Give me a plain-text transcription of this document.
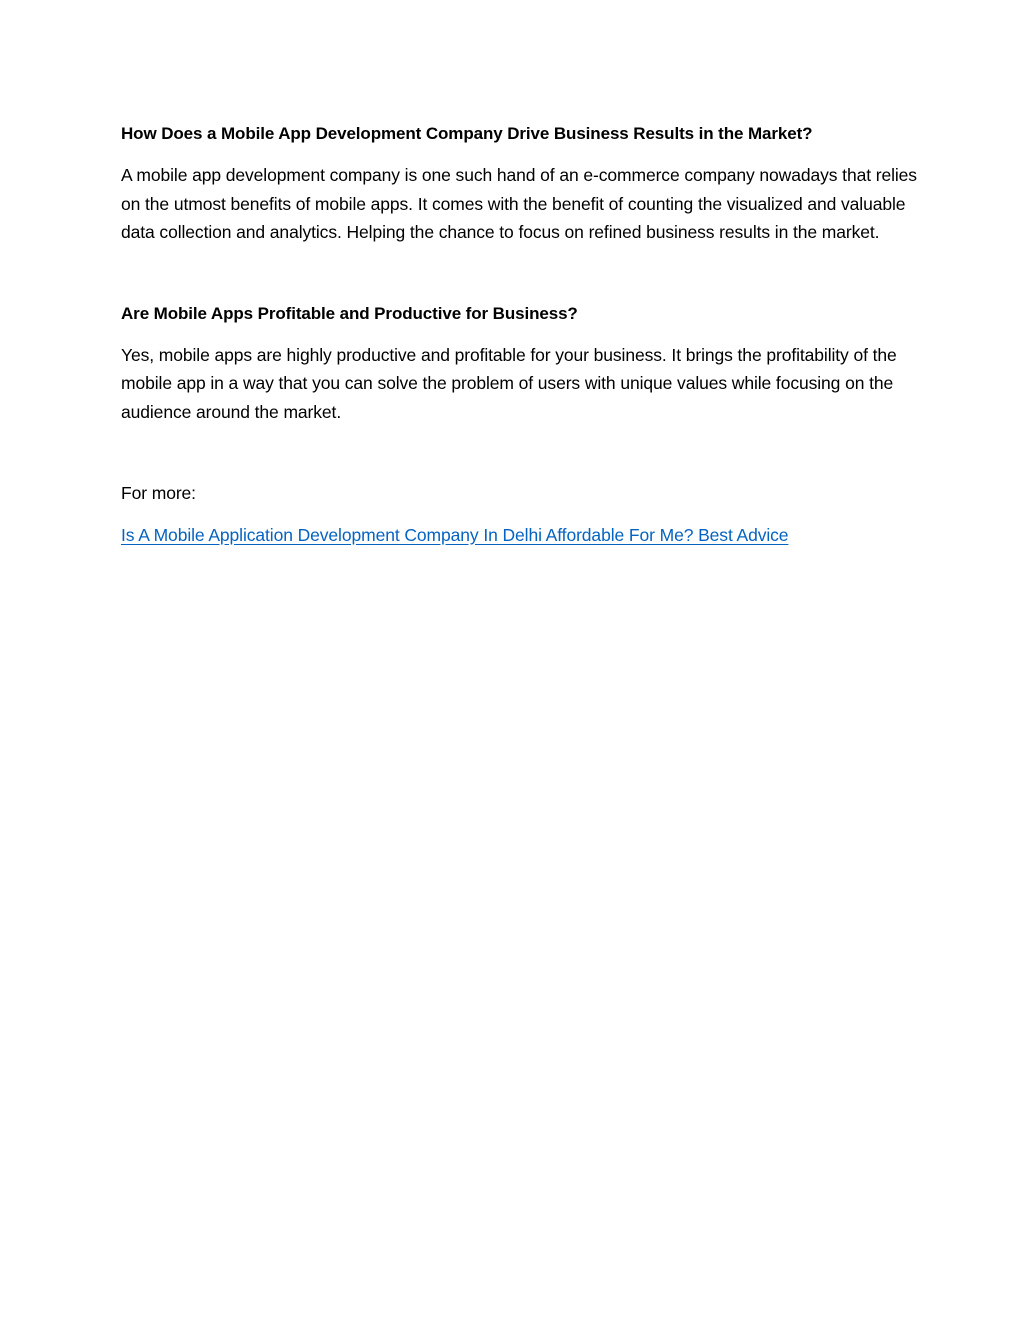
How Does a Mobile App Development Company Drive Business Results in the Market?

A mobile app development company is one such hand of an e-commerce company nowadays that relies on the utmost benefits of mobile apps. It comes with the benefit of counting the visualized and valuable data collection and analytics. Helping the chance to focus on refined business results in the market.

Are Mobile Apps Profitable and Productive for Business?

Yes, mobile apps are highly productive and profitable for your business. It brings the profitability of the mobile app in a way that you can solve the problem of users with unique values while focusing on the audience around the market.

For more:

Is A Mobile Application Development Company In Delhi Affordable For Me? Best Advice
